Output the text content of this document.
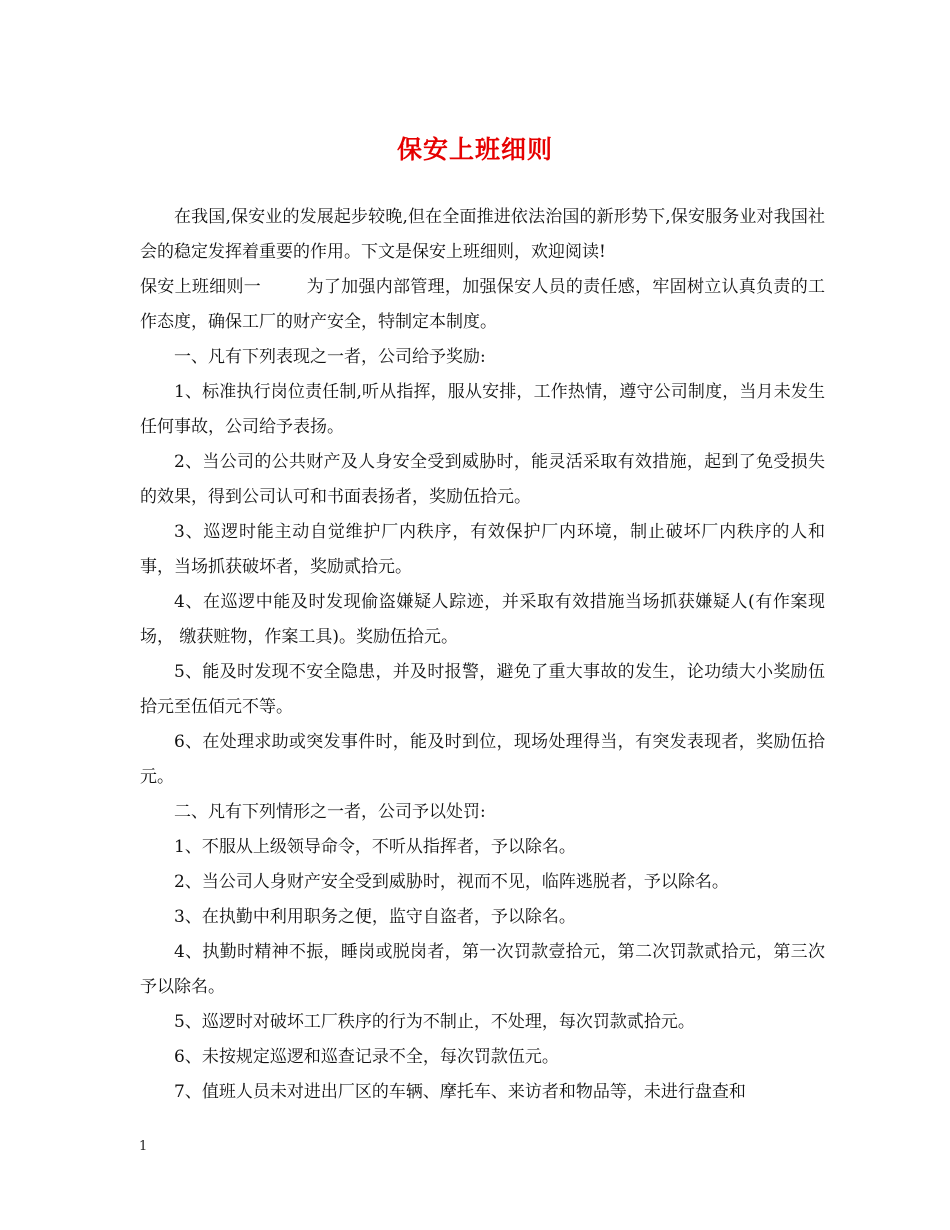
保安上班细则

在我国,保安业的发展起步较晚,但在全面推进依法治国的新形势下,保安服务业对我国社会的稳定发挥着重要的作用。下文是保安上班细则，欢迎阅读!

保安上班细则一        为了加强内部管理，加强保安人员的责任感，牢固树立认真负责的工作态度，确保工厂的财产安全，特制定本制度。

一、凡有下列表现之一者，公司给予奖励:

1、标准执行岗位责任制,听从指挥，服从安排，工作热情，遵守公司制度，当月未发生任何事故，公司给予表扬。

2、当公司的公共财产及人身安全受到威胁时，能灵活采取有效措施，起到了免受损失的效果，得到公司认可和书面表扬者，奖励伍拾元。

3、巡逻时能主动自觉维护厂内秩序，有效保护厂内环境，制止破坏厂内秩序的人和事，当场抓获破坏者，奖励贰拾元。

4、在巡逻中能及时发现偷盗嫌疑人踪迹，并采取有效措施当场抓获嫌疑人(有作案现场， 缴获赃物，作案工具)。奖励伍拾元。

5、能及时发现不安全隐患，并及时报警，避免了重大事故的发生，论功绩大小奖励伍拾元至伍佰元不等。

6、在处理求助或突发事件时，能及时到位，现场处理得当，有突发表现者，奖励伍拾元。

二、凡有下列情形之一者，公司予以处罚:

1、不服从上级领导命令，不听从指挥者，予以除名。

2、当公司人身财产安全受到威胁时，视而不见，临阵逃脱者，予以除名。

3、在执勤中利用职务之便，监守自盗者，予以除名。

4、执勤时精神不振，睡岗或脱岗者，第一次罚款壹拾元，第二次罚款贰拾元，第三次予以除名。

5、巡逻时对破坏工厂秩序的行为不制止，不处理，每次罚款贰拾元。

6、未按规定巡逻和巡查记录不全，每次罚款伍元。

7、值班人员未对进出厂区的车辆、摩托车、来访者和物品等，未进行盘查和

1
